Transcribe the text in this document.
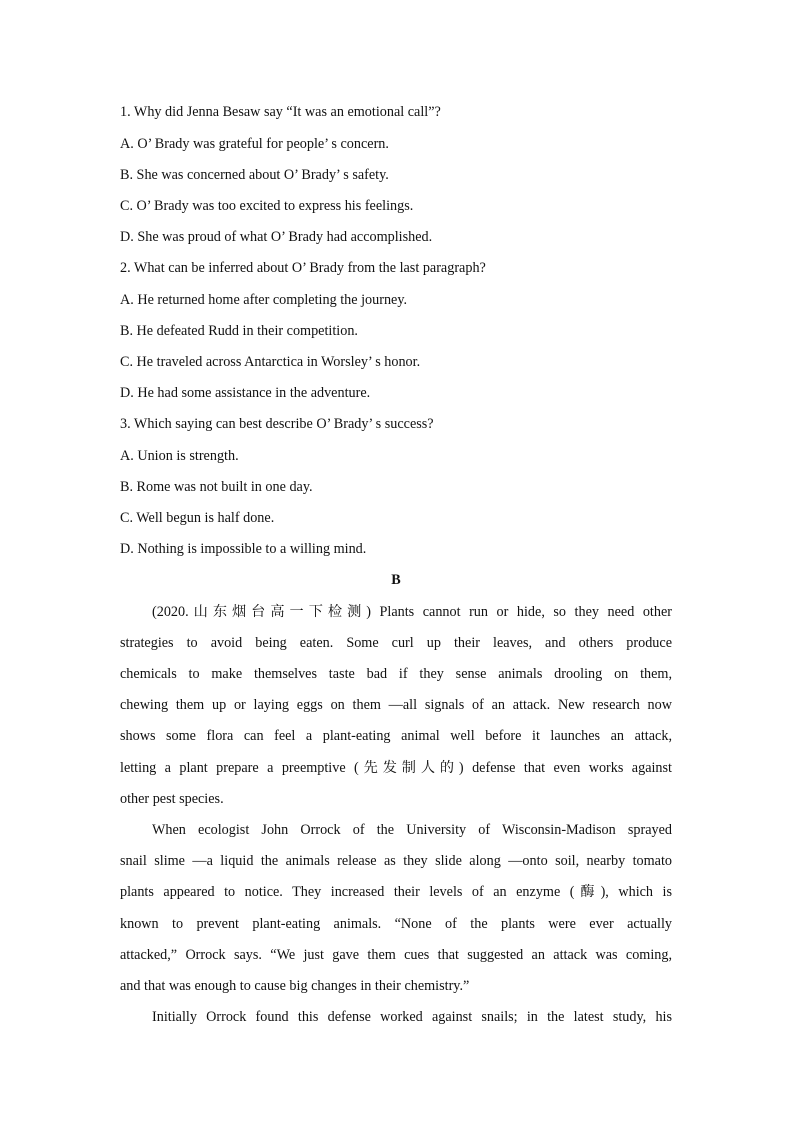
1. Why did Jenna Besaw say “It was an emotional call”?
A. O’ Brady was grateful for people’ s concern.
B. She was concerned about O’ Brady’ s safety.
C. O’ Brady was too excited to express his feelings.
D. She was proud of what O’ Brady had accomplished.
2. What can be inferred about O’ Brady from the last paragraph?
A. He returned home after completing the journey.
B. He defeated Rudd in their competition.
C. He traveled across Antarctica in Worsley’ s honor.
D. He had some assistance in the adventure.
3. Which saying can best describe O’ Brady’ s success?
A. Union is strength.
B. Rome was not built in one day.
C. Well begun is half done.
D. Nothing is impossible to a willing mind.
B
(2020.山东烟台高一下检测) Plants cannot run or hide, so they need other
strategies to avoid being eaten. Some curl up their leaves, and others produce
chemicals to make themselves taste bad if they sense animals drooling on them,
chewing them up or laying eggs on them —all signals of an attack. New research now
shows some flora can feel a plant-eating animal well before it launches an attack,
letting a plant prepare a preemptive (先发制人的) defense that even works against
other pest species.
When ecologist John Orrock of the University of Wisconsin-Madison sprayed
snail slime —a liquid the animals release as they slide along —onto soil, nearby tomato
plants appeared to notice. They increased their levels of an enzyme (酶), which is
known to prevent plant-eating animals. “None of the plants were ever actually
attacked,” Orrock says. “We just gave them cues that suggested an attack was coming,
and that was enough to cause big changes in their chemistry.”
Initially Orrock found this defense worked against snails; in the latest study, his
